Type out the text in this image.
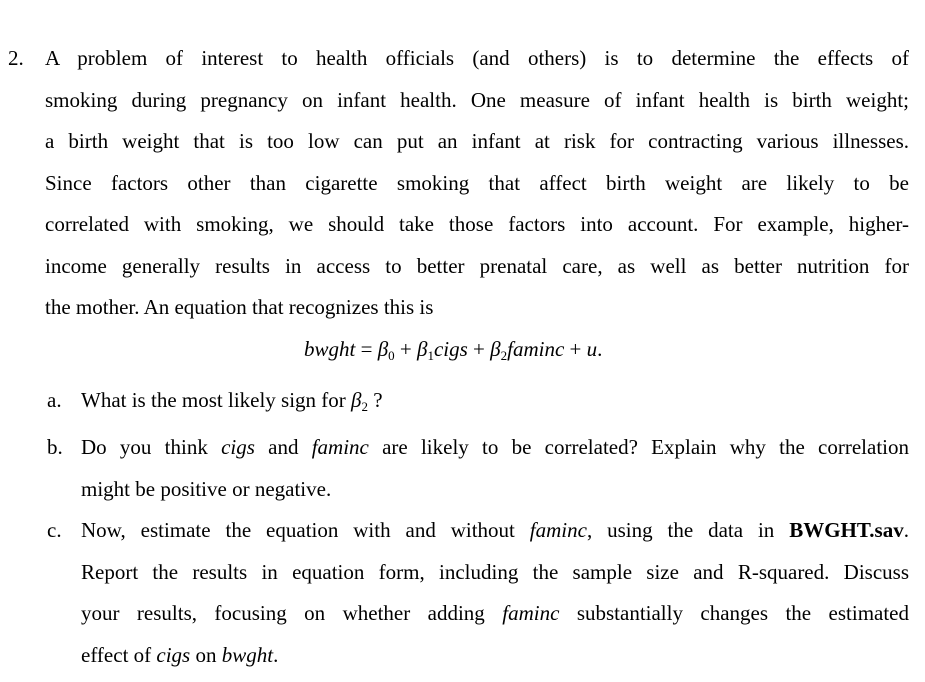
2. A problem of interest to health officials (and others) is to determine the effects of
smoking during pregnancy on infant health. One measure of infant health is birth weight;
a birth weight that is too low can put an infant at risk for contracting various illnesses.
Since factors other than cigarette smoking that affect birth weight are likely to be
correlated with smoking, we should take those factors into account. For example, higher-
income generally results in access to better prenatal care, as well as better nutrition for
the mother. An equation that recognizes this is
bwght = $\beta_0$ + $\beta_1cigs + \beta_2faminc + u$.
a. What is the most likely sign for $\beta_2$ ?
b. Do you think cigs and faminc are likely to be correlated? Explain why the correlation
might be positive or negative.
c. Now, estimate the equation with and without faminc, using the data in BWGHT.sav.
Report the results in equation form, including the sample size and R-squared. Discuss
your results, focusing on whether adding faminc substantially changes the estimated
effect of cigs on bwght.
